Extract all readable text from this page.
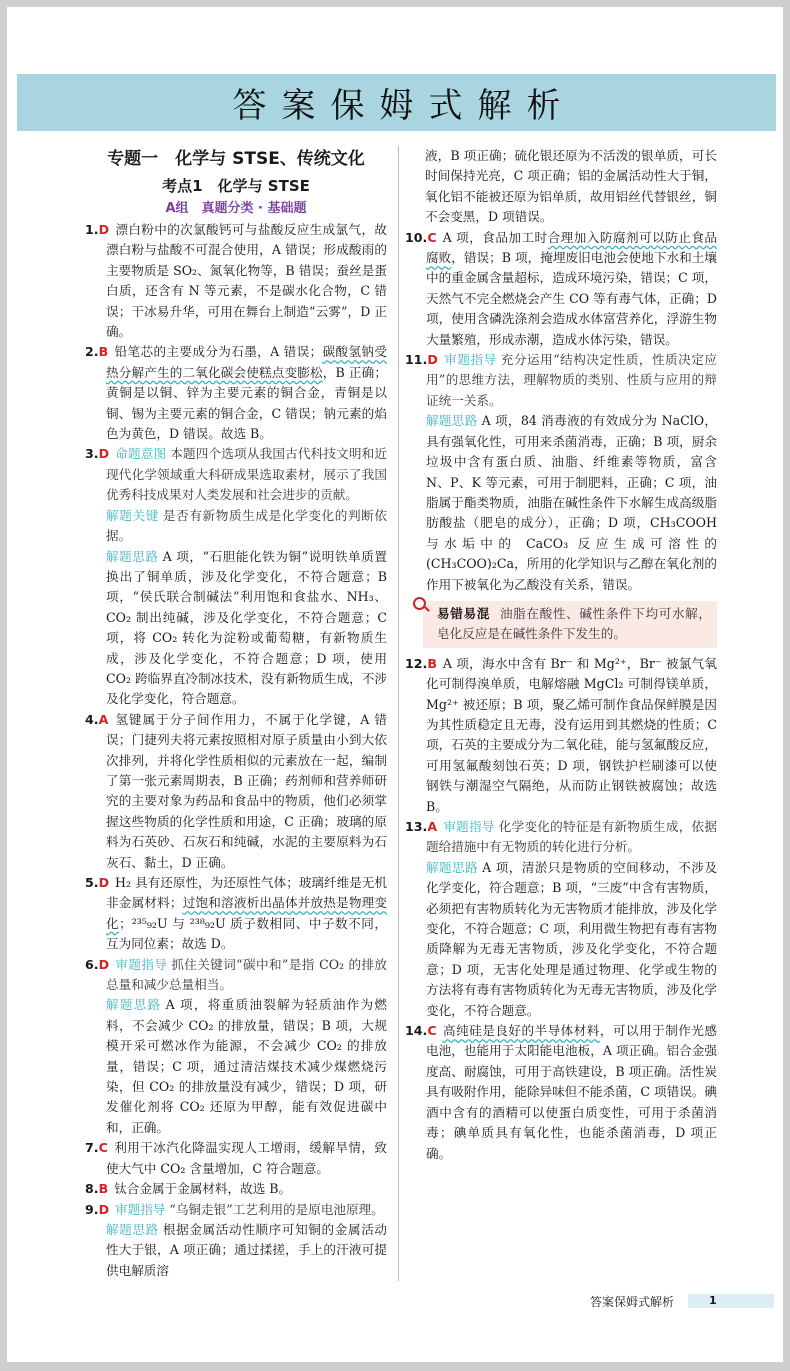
答案保姆式解析
专题一　化学与 STSE、传统文化
考点1　化学与 STSE
A组　真题分类 · 基础题

1.D 漂白粉中的次氯酸钙可与盐酸反应生成氯气，故漂白粉与盐酸不可混合使用，A 错误；形成酸雨的主要物质是 SO₂、氮氧化物等，B 错误；蚕丝是蛋白质，还含有 N 等元素，不是碳水化合物，C 错误；干冰易升华，可用在舞台上制造“云雾”，D 正确。

2.B 铅笔芯的主要成分为石墨，A 错误；碳酸氢钠受热分解产生的二氧化碳会使糕点变膨松，B 正确；黄铜是以铜、锌为主要元素的铜合金，青铜是以铜、锡为主要元素的铜合金，C 错误；钠元素的焰色为黄色，D 错误。故选 B。

3.D 命题意图 本题四个选项从我国古代科技文明和近现代化学领域重大科研成果选取素材，展示了我国优秀科技成果对人类发展和社会进步的贡献。

解题关键 是否有新物质生成是化学变化的判断依据。

解题思路 A 项，“石胆能化铁为铜”说明铁单质置换出了铜单质，涉及化学变化，不符合题意；B 项，“侯氏联合制碱法”利用饱和食盐水、NH₃、CO₂ 制出纯碱，涉及化学变化，不符合题意；C 项，将 CO₂ 转化为淀粉或葡萄糖，有新物质生成，涉及化学变化，不符合题意；D 项，使用 CO₂ 跨临界直冷制冰技术，没有新物质生成，不涉及化学变化，符合题意。

4.A 氢键属于分子间作用力，不属于化学键，A 错误；门捷列夫将元素按照相对原子质量由小到大依次排列，并将化学性质相似的元素放在一起，编制了第一张元素周期表，B 正确；药剂师和营养师研究的主要对象为药品和食品中的物质，他们必须掌握这些物质的化学性质和用途，C 正确；玻璃的原料为石英砂、石灰石和纯碱，水泥的主要原料为石灰石、黏土，D 正确。

5.D H₂ 具有还原性，为还原性气体；玻璃纤维是无机非金属材料；过饱和溶液析出晶体并放热是物理变化；²³⁵₉₂U 与 ²³⁸₉₂U 质子数相同、中子数不同，互为同位素；故选 D。

6.D 审题指导 抓住关键词“碳中和”是指 CO₂ 的排放总量和减少总量相当。

解题思路 A 项，将重质油裂解为轻质油作为燃料，不会减少 CO₂ 的排放量，错误；B 项，大规模开采可燃冰作为能源，不会减少 CO₂ 的排放量，错误；C 项，通过清洁煤技术减少煤燃烧污染，但 CO₂ 的排放量没有减少，错误；D 项，研发催化剂将 CO₂ 还原为甲醇，能有效促进碳中和，正确。

7.C 利用干冰汽化降温实现人工增雨，缓解旱情，致使大气中 CO₂ 含量增加，C 符合题意。

8.B 钛合金属于金属材料，故选 B。

9.D 审题指导 “乌铜走银”工艺利用的是原电池原理。

解题思路 根据金属活动性顺序可知铜的金属活动性大于银，A 项正确；通过揉搓，手上的汗液可提供电解质溶

液，B 项正确；硫化银还原为不活泼的银单质，可长时间保持光亮，C 项正确；铝的金属活动性大于铜，氧化铝不能被还原为铝单质，故用铝丝代替银丝，铜不会变黑，D 项错误。

10.C A 项，食品加工时合理加入防腐剂可以防止食品腐败，错误；B 项，掩埋废旧电池会使地下水和土壤中的重金属含量超标，造成环境污染，错误；C 项，天然气不完全燃烧会产生 CO 等有毒气体，正确；D 项，使用含磷洗涤剂会造成水体富营养化，浮游生物大量繁殖，形成赤潮，造成水体污染，错误。

11.D 审题指导 充分运用“结构决定性质，性质决定应用”的思维方法，理解物质的类别、性质与应用的辩证统一关系。

解题思路 A 项，84 消毒液的有效成分为 NaClO，具有强氧化性，可用来杀菌消毒，正确；B 项，厨余垃圾中含有蛋白质、油脂、纤维素等物质，富含 N、P、K 等元素，可用于制肥料，正确；C 项，油脂属于酯类物质，油脂在碱性条件下水解生成高级脂肪酸盐（肥皂的成分），正确；D 项，CH₃COOH 与水垢中的 CaCO₃ 反应生成可溶性的 (CH₃COO)₂Ca，所用的化学知识与乙醇在氧化剂的作用下被氧化为乙酸没有关系，错误。

易错易混 油脂在酸性、碱性条件下均可水解，皂化反应是在碱性条件下发生的。

12.B A 项，海水中含有 Br⁻ 和 Mg²⁺，Br⁻ 被氯气氧化可制得溴单质，电解熔融 MgCl₂ 可制得镁单质，Mg²⁺ 被还原；B 项，聚乙烯可制作食品保鲜膜是因为其性质稳定且无毒，没有运用到其燃烧的性质；C 项，石英的主要成分为二氧化硅，能与氢氟酸反应，可用氢氟酸刻蚀石英；D 项，钢铁护栏刷漆可以使钢铁与潮湿空气隔绝，从而防止钢铁被腐蚀；故选 B。

13.A 审题指导 化学变化的特征是有新物质生成，依据题给措施中有无物质的转化进行分析。

解题思路 A 项，清淤只是物质的空间移动，不涉及化学变化，符合题意；B 项，“三废”中含有害物质，必须把有害物质转化为无害物质才能排放，涉及化学变化，不符合题意；C 项，利用微生物把有毒有害物质降解为无毒无害物质，涉及化学变化，不符合题意；D 项，无害化处理是通过物理、化学或生物的方法将有毒有害物质转化为无毒无害物质，涉及化学变化，不符合题意。

14.C 高纯硅是良好的半导体材料，可以用于制作光感电池，也能用于太阳能电池板，A 项正确。铝合金强度高、耐腐蚀，可用于高铁建设，B 项正确。活性炭具有吸附作用，能除异味但不能杀菌，C 项错误。碘酒中含有的酒精可以使蛋白质变性，可用于杀菌消毒；碘单质具有氧化性，也能杀菌消毒，D 项正确。

答案保姆式解析	1
